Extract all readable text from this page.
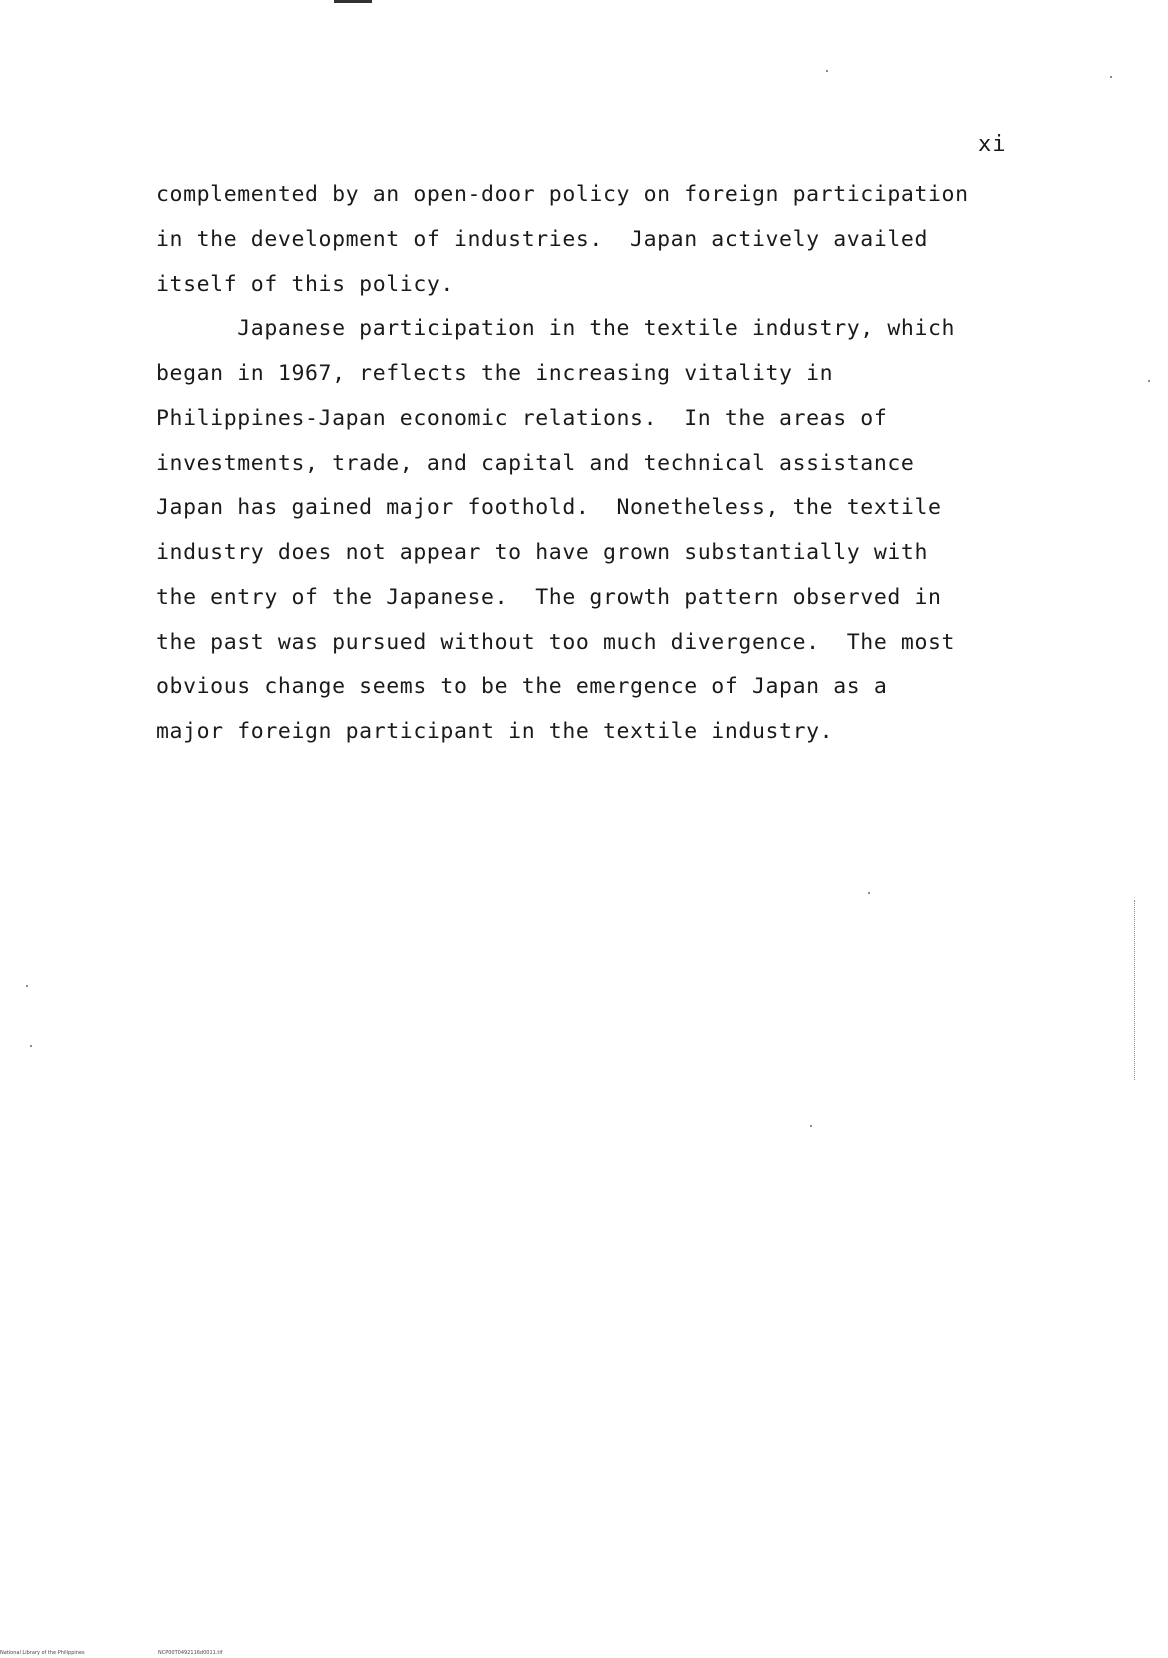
xi
complemented by an open-door policy on foreign participation
in the development of industries.  Japan actively availed
itself of this policy.
Japanese participation in the textile industry, which
began in 1967, reflects the increasing vitality in
Philippines-Japan economic relations.  In the areas of
investments, trade, and capital and technical assistance
Japan has gained major foothold.  Nonetheless, the textile
industry does not appear to have grown substantially with
the entry of the Japanese.  The growth pattern observed in
the past was pursued without too much divergence.  The most
obvious change seems to be the emergence of Japan as a
major foreign participant in the textile industry.
National Library of the Philippines	NCP00T0492116d0011.tif
